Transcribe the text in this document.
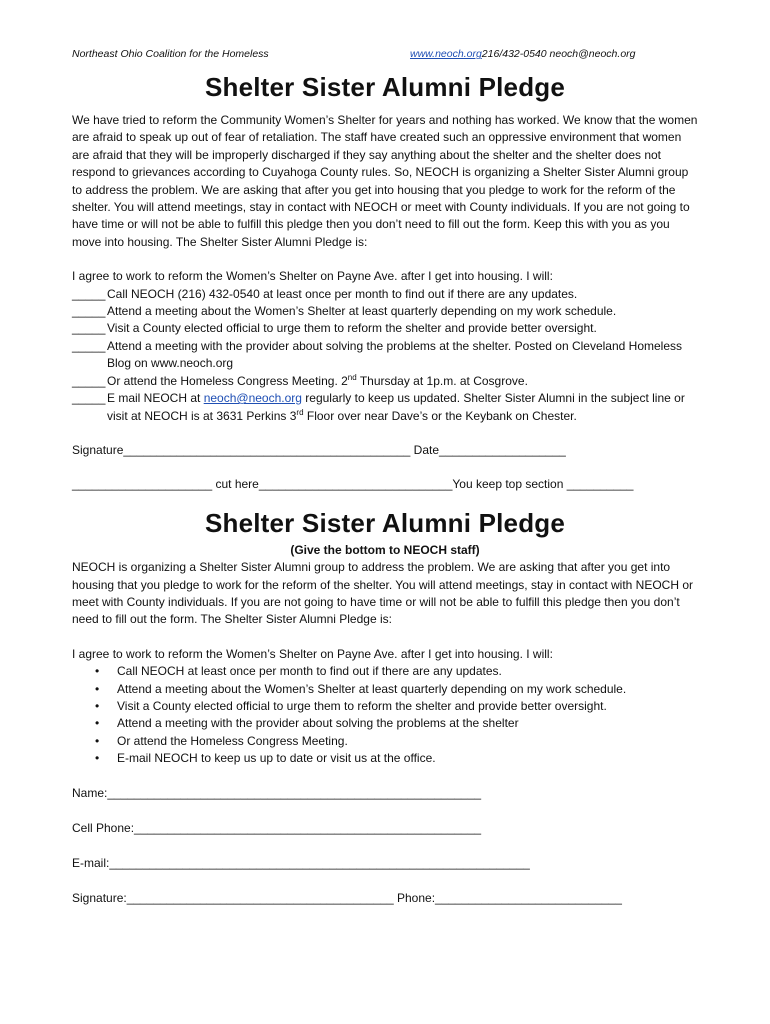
Northeast Ohio Coalition for the Homeless	www.neoch.org 216/432-0540 neoch@neoch.org
Shelter Sister Alumni Pledge

We have tried to reform the Community Women’s Shelter for years and nothing has worked. We know that the women are afraid to speak up out of fear of retaliation. The staff have created such an oppressive environment that women are afraid that they will be improperly discharged if they say anything about the shelter and the shelter does not respond to grievances according to Cuyahoga County rules. So, NEOCH is organizing a Shelter Sister Alumni group to address the problem. We are asking that after you get into housing that you pledge to work for the reform of the shelter. You will attend meetings, stay in contact with NEOCH or meet with County individuals. If you are not going to have time or will not be able to fulfill this pledge then you don’t need to fill out the form. Keep this with you as you move into housing. The Shelter Sister Alumni Pledge is:

I agree to work to reform the Women’s Shelter on Payne Ave. after I get into housing. I will:

_____ Call NEOCH (216) 432-0540 at least once per month to find out if there are any updates.
_____ Attend a meeting about the Women’s Shelter at least quarterly depending on my work schedule.
_____ Visit a County elected official to urge them to reform the shelter and provide better oversight.
_____ Attend a meeting with the provider about solving the problems at the shelter. Posted on Cleveland Homeless Blog on www.neoch.org
_____ Or attend the Homeless Congress Meeting. 2nd Thursday at 1p.m. at Cosgrove.
_____ E mail NEOCH at neoch@neoch.org regularly to keep us updated. Shelter Sister Alumni in the subject line or visit at NEOCH is at 3631 Perkins 3rd Floor over near Dave’s or the Keybank on Chester.

Signature___________________________________________ Date___________________

_____________________ cut here_____________________________You keep top section __________

Shelter Sister Alumni Pledge

(Give the bottom to NEOCH staff)

NEOCH is organizing a Shelter Sister Alumni group to address the problem. We are asking that after you get into housing that you pledge to work for the reform of the shelter. You will attend meetings, stay in contact with NEOCH or meet with County individuals. If you are not going to have time or will not be able to fulfill this pledge then you don’t need to fill out the form. The Shelter Sister Alumni Pledge is:

I agree to work to reform the Women’s Shelter on Payne Ave. after I get into housing. I will:

• Call NEOCH at least once per month to find out if there are any updates.
• Attend a meeting about the Women’s Shelter at least quarterly depending on my work schedule.
• Visit a County elected official to urge them to reform the shelter and provide better oversight.
• Attend a meeting with the provider about solving the problems at the shelter
• Or attend the Homeless Congress Meeting.
• E-mail NEOCH to keep us up to date or visit us at the office.
Name:________________________________________________________
Cell Phone:____________________________________________________
E-mail:_______________________________________________________________
Signature:________________________________________ Phone:____________________________
